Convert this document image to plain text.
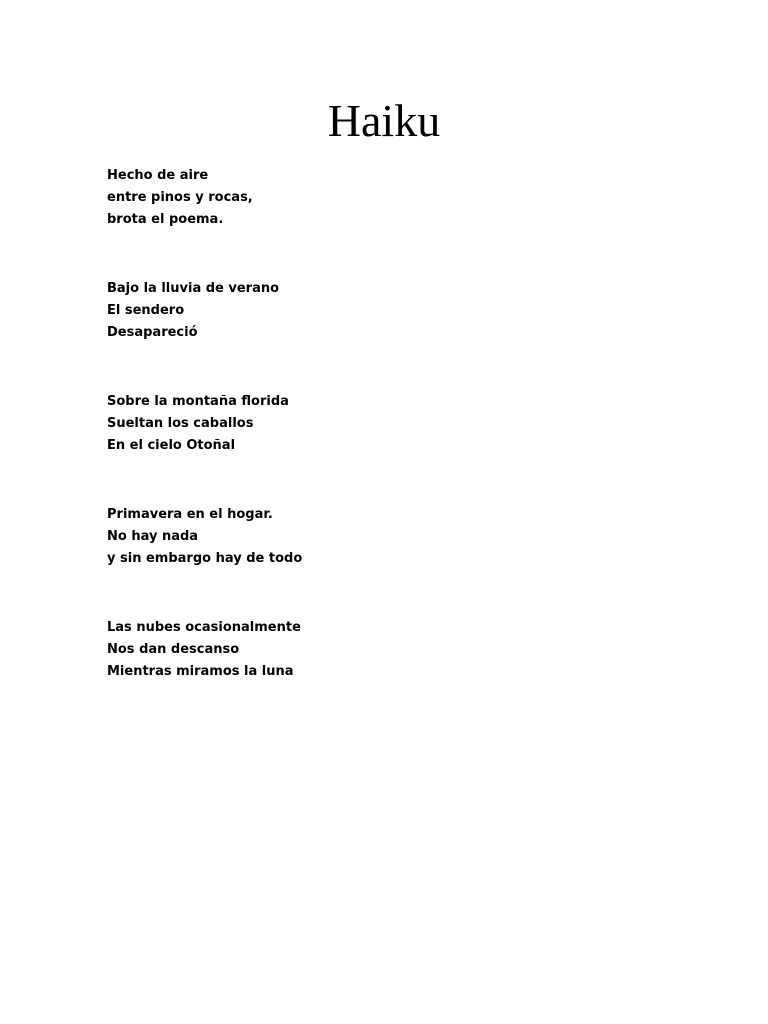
Haiku
Hecho de aire
entre pinos y rocas,
brota el poema.
Bajo la lluvia de verano
El sendero
Desapareció
Sobre la montaña florida
Sueltan los caballos
En el cielo Otoñal
Primavera en el hogar.
No hay nada
y sin embargo hay de todo
Las nubes ocasionalmente
Nos dan descanso
Mientras miramos la luna
